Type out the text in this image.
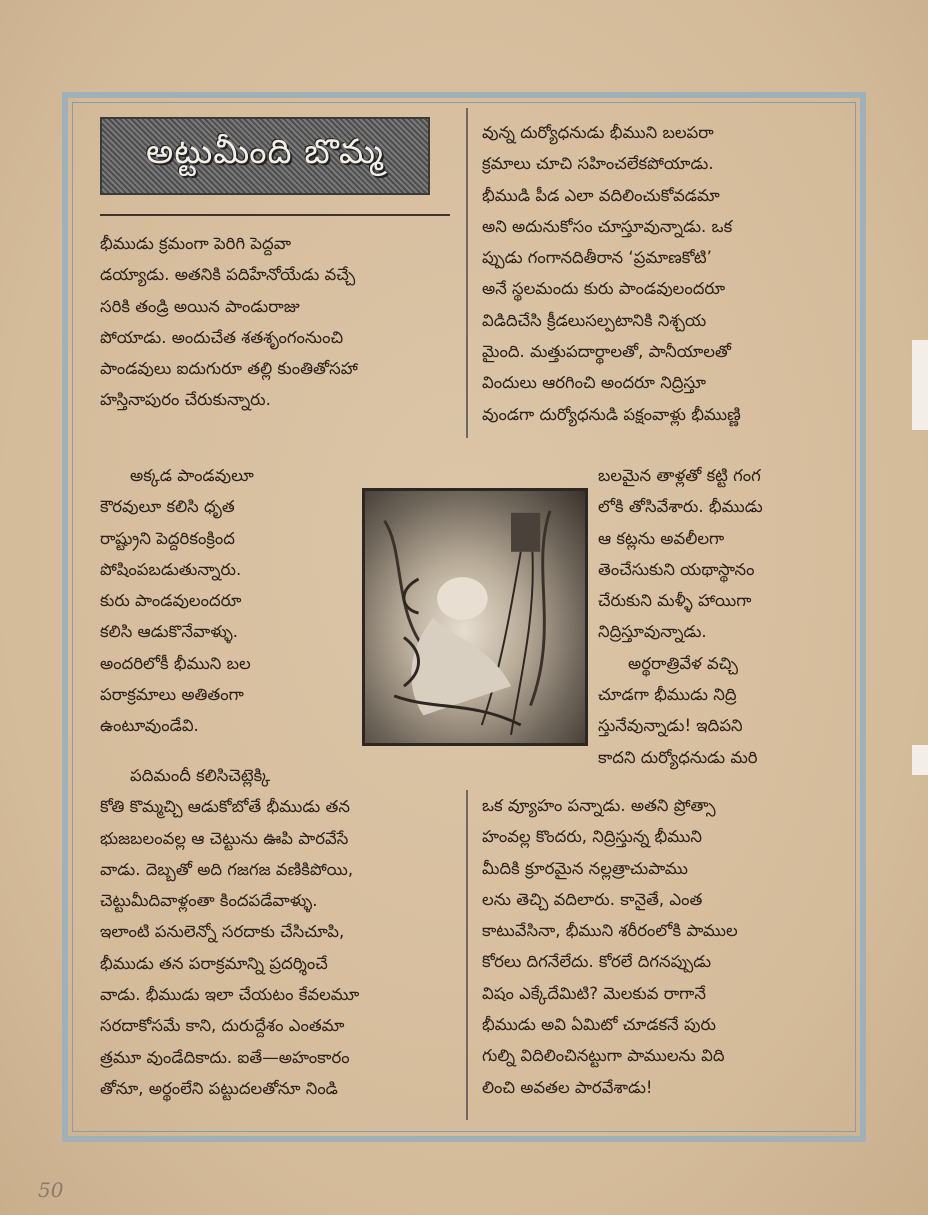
అట్టుమీంది బొమ్మ
భీముడు క్రమంగా పెరిగి పెద్దవా
డయ్యాడు. అతనికి పదిహేనోయేడు వచ్చే
సరికి తండ్రి అయిన పాండురాజు
పోయాడు. అందుచేత శతశృంగంనుంచి
పాండవులు ఐదుగురూ తల్లి కుంతితోసహా
హస్తినాపురం చేరుకున్నారు.
అక్కడ పాండవులూ
కౌరవులూ కలిసి ధృత
రాష్ట్రుని పెద్దరికంక్రింద
పోషింపబడుతున్నారు.
కురు పాండవులందరూ
కలిసి ఆడుకొనేవాళ్ళు.
అందరిలోకీ భీముని బల
పరాక్రమాలు అతితంగా
ఉంటూవుండేవి.
పదిమందీ కలిసిచెట్లెక్కి
కోతి కొమ్మచ్చి ఆడుకోబోతే భీముడు తన
భుజబలంవల్ల ఆ చెట్టును ఊపి పారవేసే
వాడు. దెబ్బతో అది గజగజ వణికిపోయి,
చెట్టుమీదివాళ్లంతా కిందపడేవాళ్ళు.
ఇలాంటి పనులెన్నో సరదాకు చేసిచూపి,
భీముడు తన పరాక్రమాన్ని ప్రదర్శించే
వాడు. భీముడు ఇలా చేయటం కేవలమూ
సరదాకోసమే కాని, దురుద్దేశం ఎంతమా
త్రమూ వుండేదికాదు. ఐతే—అహంకారం
తోనూ, అర్థంలేని పట్టుదలతోనూ నిండి
వున్న దుర్యోధనుడు భీముని బలపరా
క్రమాలు చూచి సహించలేకపోయాడు.
భీముడి పీడ ఎలా వదిలించుకోవడమా
అని అదునుకోసం చూస్తూవున్నాడు. ఒక
ప్పుడు గంగానదితీరాన ‘ప్రమాణకోటి’
అనే స్థలమందు కురు పాండవులందరూ
విడిదిచేసి క్రీడలుసల్పటానికి నిశ్చయ
మైంది. మత్తుపదార్థాలతో, పానీయాలతో
విందులు ఆరగించి అందరూ నిద్రిస్తూ
వుండగా దుర్యోధనుడి పక్షంవాళ్లు భీముణ్ణి
బలమైన తాళ్లతో కట్టి గంగ
లోకి తోసివేశారు. భీముడు
ఆ కట్లను అవలీలగా
తెంచేసుకుని యథాస్థానం
చేరుకుని మళ్ళీ హాయిగా
నిద్రిస్తూవున్నాడు.
అర్థరాత్రివేళ వచ్చి
చూడగా భీముడు నిద్రి
స్తునేవున్నాడు! ఇదిపని
కాదని దుర్యోధనుడు మరి
ఒక వ్యూహం పన్నాడు. అతని ప్రోత్సా
హంవల్ల కొందరు, నిద్రిస్తున్న భీముని
మీదికి క్రూరమైన నల్లత్రాచుపాము
లను తెచ్చి వదిలారు. కానైతే, ఎంత
కాటువేసినా, భీముని శరీరంలోకి పాముల
కోరలు దిగనేలేదు. కోరలే దిగనప్పుడు
విషం ఎక్కేదేమిటి? మెలకువ రాగానే
భీముడు అవి ఏమిటో చూడకనే పురు
గుల్ని విదిలించినట్టుగా పాములను విది
లించి అవతల పారవేశాడు!
50
